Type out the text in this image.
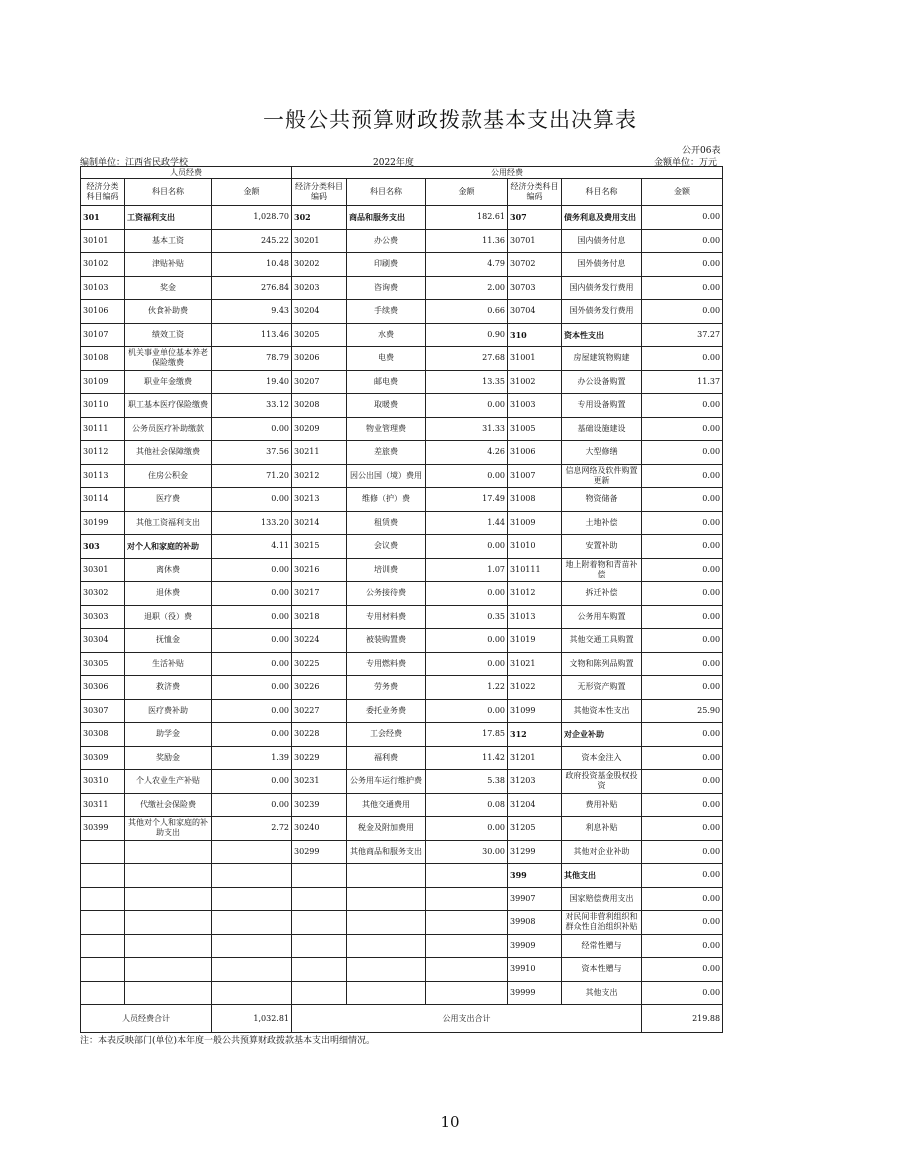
一般公共预算财政拨款基本支出决算表
公开06表
编制单位：江西省民政学校	2022年度	金额单位：万元
人员经费			公用经费					
经济分类科目编码	科目名称	金额	经济分类科目编码	科目名称	金额	经济分类科目编码	科目名称	金额
301	工资福利支出	1,028.70	302	商品和服务支出	182.61	307	债务利息及费用支出	0.00
30101	基本工资	245.22	30201	办公费	11.36	30701	国内债务付息	0.00
30102	津贴补贴	10.48	30202	印刷费	4.79	30702	国外债务付息	0.00
30103	奖金	276.84	30203	咨询费	2.00	30703	国内债务发行费用	0.00
30106	伙食补助费	9.43	30204	手续费	0.66	30704	国外债务发行费用	0.00
30107	绩效工资	113.46	30205	水费	0.90	310	资本性支出	37.27
30108	机关事业单位基本养老保险缴费	78.79	30206	电费	27.68	31001	房屋建筑物购建	0.00
30109	职业年金缴费	19.40	30207	邮电费	13.35	31002	办公设备购置	11.37
30110	职工基本医疗保险缴费	33.12	30208	取暖费	0.00	31003	专用设备购置	0.00
30111	公务员医疗补助缴款	0.00	30209	物业管理费	31.33	31005	基础设施建设	0.00
30112	其他社会保障缴费	37.56	30211	差旅费	4.26	31006	大型修缮	0.00
30113	住房公积金	71.20	30212	因公出国（境）费用	0.00	31007	信息网络及软件购置更新	0.00
30114	医疗费	0.00	30213	维修（护）费	17.49	31008	物资储备	0.00
30199	其他工资福利支出	133.20	30214	租赁费	1.44	31009	土地补偿	0.00
303	对个人和家庭的补助	4.11	30215	会议费	0.00	31010	安置补助	0.00
30301	离休费	0.00	30216	培训费	1.07	310111	地上附着物和青苗补偿	0.00
30302	退休费	0.00	30217	公务接待费	0.00	31012	拆迁补偿	0.00
30303	退职（役）费	0.00	30218	专用材料费	0.35	31013	公务用车购置	0.00
30304	抚恤金	0.00	30224	被装购置费	0.00	31019	其他交通工具购置	0.00
30305	生活补贴	0.00	30225	专用燃料费	0.00	31021	文物和陈列品购置	0.00
30306	救济费	0.00	30226	劳务费	1.22	31022	无形资产购置	0.00
30307	医疗费补助	0.00	30227	委托业务费	0.00	31099	其他资本性支出	25.90
30308	助学金	0.00	30228	工会经费	17.85	312	对企业补助	0.00
30309	奖励金	1.39	30229	福利费	11.42	31201	资本金注入	0.00
30310	个人农业生产补贴	0.00	30231	公务用车运行维护费	5.38	31203	政府投资基金股权投资	0.00
30311	代缴社会保险费	0.00	30239	其他交通费用	0.08	31204	费用补贴	0.00
30399	其他对个人和家庭的补助支出	2.72	30240	税金及附加费用	0.00	31205	利息补贴	0.00
			30299	其他商品和服务支出	30.00	31299	其他对企业补助	0.00
						399	其他支出	0.00
						39907	国家赔偿费用支出	0.00
						39908	对民间非营利组织和群众性自治组织补贴	0.00
						39909	经常性赠与	0.00
						39910	资本性赠与	0.00
						39999	其他支出	0.00
人员经费合计		1,032.81	公用支出合计					219.88
注：本表反映部门(单位)本年度一般公共预算财政拨款基本支出明细情况。
10
